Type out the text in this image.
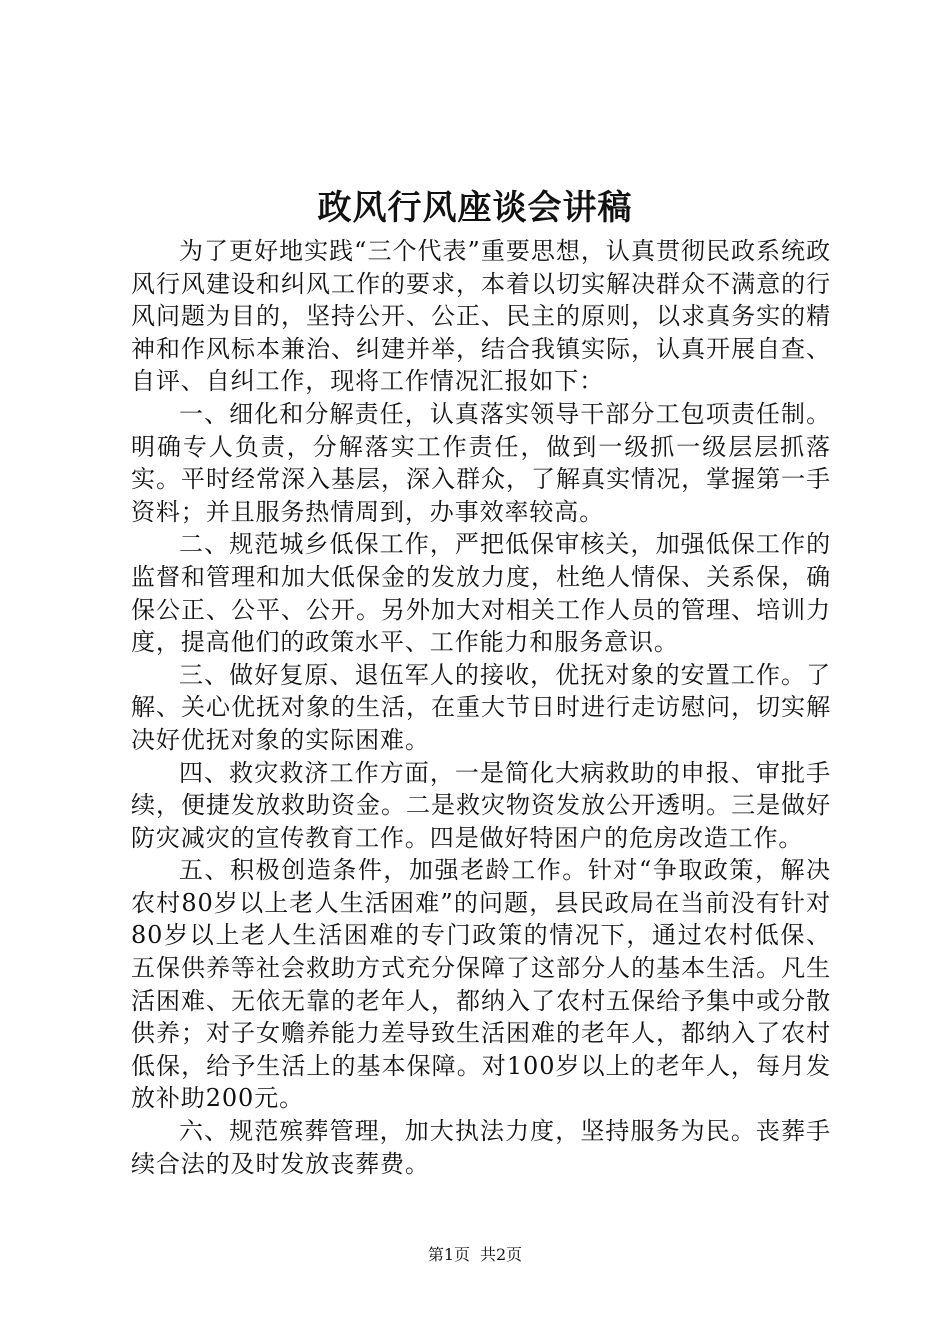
政风行风座谈会讲稿

为了更好地实践“三个代表”重要思想，认真贯彻民政系统政风行风建设和纠风工作的要求，本着以切实解决群众不满意的行风问题为目的，坚持公开、公正、民主的原则，以求真务实的精神和作风标本兼治、纠建并举，结合我镇实际，认真开展自查、自评、自纠工作，现将工作情况汇报如下：

一、细化和分解责任，认真落实领导干部分工包项责任制。明确专人负责，分解落实工作责任，做到一级抓一级层层抓落实。平时经常深入基层，深入群众，了解真实情况，掌握第一手资料；并且服务热情周到，办事效率较高。

二、规范城乡低保工作，严把低保审核关，加强低保工作的监督和管理和加大低保金的发放力度，杜绝人情保、关系保，确保公正、公平、公开。另外加大对相关工作人员的管理、培训力度，提高他们的政策水平、工作能力和服务意识。

三、做好复原、退伍军人的接收，优抚对象的安置工作。了解、关心优抚对象的生活，在重大节日时进行走访慰问，切实解决好优抚对象的实际困难。

四、救灾救济工作方面，一是简化大病救助的申报、审批手续，便捷发放救助资金。二是救灾物资发放公开透明。三是做好防灾减灾的宣传教育工作。四是做好特困户的危房改造工作。

五、积极创造条件，加强老龄工作。针对“争取政策，解决农村80岁以上老人生活困难”的问题，县民政局在当前没有针对80岁以上老人生活困难的专门政策的情况下，通过农村低保、五保供养等社会救助方式充分保障了这部分人的基本生活。凡生活困难、无依无靠的老年人，都纳入了农村五保给予集中或分散供养；对子女赡养能力差导致生活困难的老年人，都纳入了农村低保，给予生活上的基本保障。对100岁以上的老年人，每月发放补助200元。

六、规范殡葬管理，加大执法力度，坚持服务为民。丧葬手续合法的及时发放丧葬费。

第1页 共2页
